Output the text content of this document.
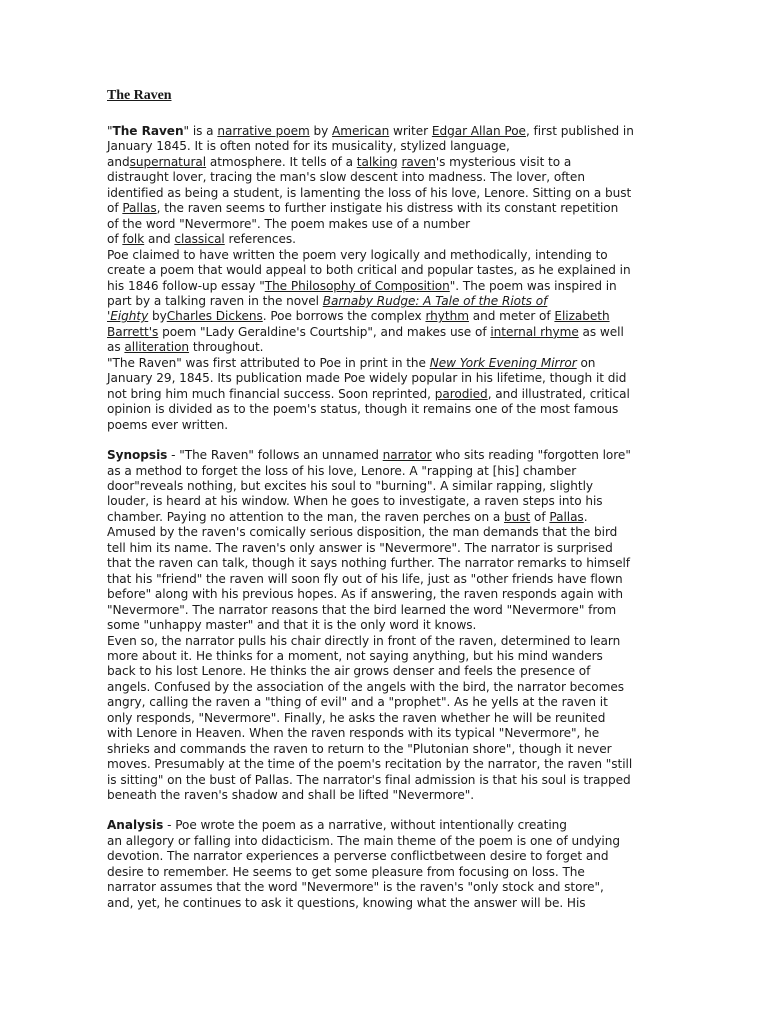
The Raven
"The Raven" is a narrative poem by American writer Edgar Allan Poe, first published in
January 1845. It is often noted for its musicality, stylized language,
andsupernatural atmosphere. It tells of a talking raven's mysterious visit to a
distraught lover, tracing the man's slow descent into madness. The lover, often
identified as being a student, is lamenting the loss of his love, Lenore. Sitting on a bust
of Pallas, the raven seems to further instigate his distress with its constant repetition
of the word "Nevermore". The poem makes use of a number
of folk and classical references.
Poe claimed to have written the poem very logically and methodically, intending to
create a poem that would appeal to both critical and popular tastes, as he explained in
his 1846 follow-up essay "The Philosophy of Composition". The poem was inspired in
part by a talking raven in the novel Barnaby Rudge: A Tale of the Riots of
'Eighty byCharles Dickens. Poe borrows the complex rhythm and meter of Elizabeth
Barrett's poem "Lady Geraldine's Courtship", and makes use of internal rhyme as well
as alliteration throughout.
"The Raven" was first attributed to Poe in print in the New York Evening Mirror on
January 29, 1845. Its publication made Poe widely popular in his lifetime, though it did
not bring him much financial success. Soon reprinted, parodied, and illustrated, critical
opinion is divided as to the poem's status, though it remains one of the most famous
poems ever written.
Synopsis - "The Raven" follows an unnamed narrator who sits reading "forgotten lore"
as a method to forget the loss of his love, Lenore. A "rapping at [his] chamber
door"reveals nothing, but excites his soul to "burning". A similar rapping, slightly
louder, is heard at his window. When he goes to investigate, a raven steps into his
chamber. Paying no attention to the man, the raven perches on a bust of Pallas.
Amused by the raven's comically serious disposition, the man demands that the bird
tell him its name. The raven's only answer is "Nevermore". The narrator is surprised
that the raven can talk, though it says nothing further. The narrator remarks to himself
that his "friend" the raven will soon fly out of his life, just as "other friends have flown
before" along with his previous hopes. As if answering, the raven responds again with
"Nevermore". The narrator reasons that the bird learned the word "Nevermore" from
some "unhappy master" and that it is the only word it knows.
Even so, the narrator pulls his chair directly in front of the raven, determined to learn
more about it. He thinks for a moment, not saying anything, but his mind wanders
back to his lost Lenore. He thinks the air grows denser and feels the presence of
angels. Confused by the association of the angels with the bird, the narrator becomes
angry, calling the raven a "thing of evil" and a "prophet". As he yells at the raven it
only responds, "Nevermore". Finally, he asks the raven whether he will be reunited
with Lenore in Heaven. When the raven responds with its typical "Nevermore", he
shrieks and commands the raven to return to the "Plutonian shore", though it never
moves. Presumably at the time of the poem's recitation by the narrator, the raven "still
is sitting" on the bust of Pallas. The narrator's final admission is that his soul is trapped
beneath the raven's shadow and shall be lifted "Nevermore".
Analysis - Poe wrote the poem as a narrative, without intentionally creating
an allegory or falling into didacticism. The main theme of the poem is one of undying
devotion. The narrator experiences a perverse conflictbetween desire to forget and
desire to remember. He seems to get some pleasure from focusing on loss. The
narrator assumes that the word "Nevermore" is the raven's "only stock and store",
and, yet, he continues to ask it questions, knowing what the answer will be. His
